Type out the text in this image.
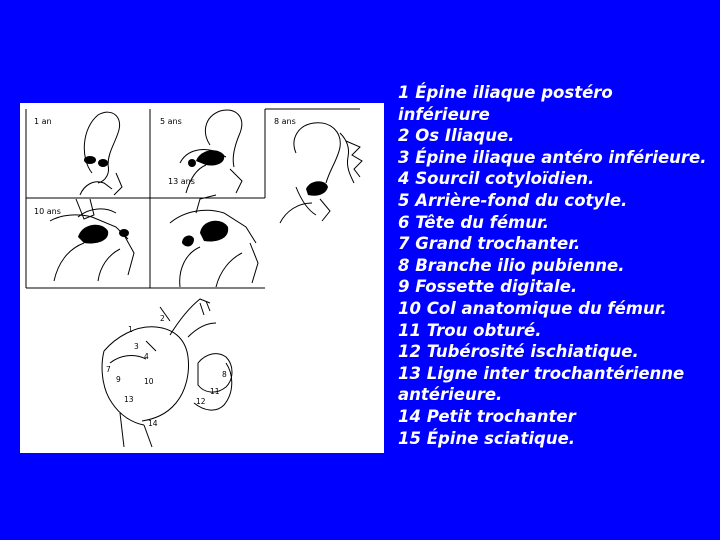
1 an	5 ans	8 ans
10 ans
13 ans
1
2
3
4
7
9	10
13
14
11
12
8
1 Épine iliaque postéro inférieure
2 Os Iliaque.
3 Épine iliaque antéro inférieure.
4 Sourcil cotyloïdien.
5 Arrière-fond du cotyle.
6 Tête du fémur.
7 Grand trochanter.
8 Branche ilio pubienne.
9 Fossette digitale.
10 Col anatomique du fémur.
11 Trou obturé.
12 Tubérosité ischiatique.
13 Ligne inter trochantérienne antérieure.
14 Petit trochanter
15 Épine sciatique.
